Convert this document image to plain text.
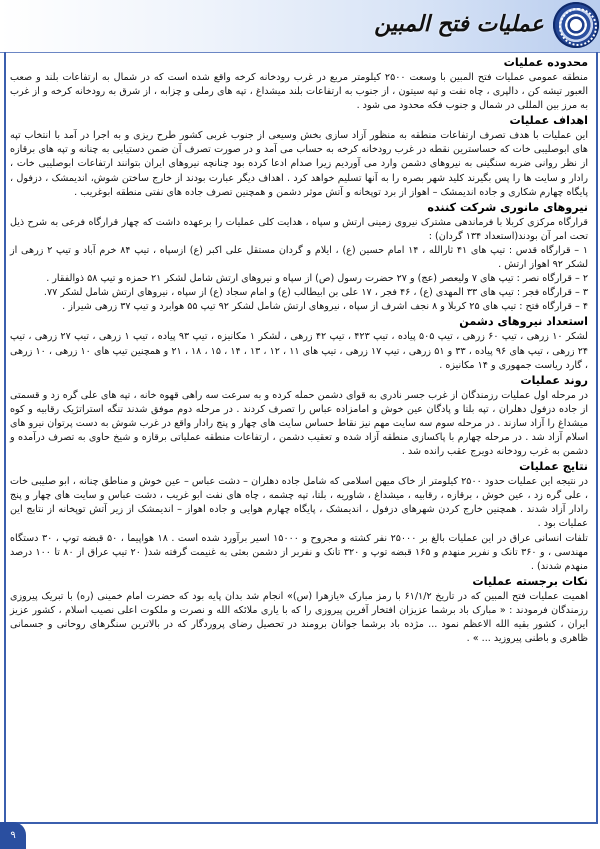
عملیات فتح المبین
محدوده عملیات

منطقه عمومی عملیات فتح المبین با وسعت ۲۵۰۰ کیلومتر مربع در غرب رودخانه کرخه واقع شده است که در شمال به ارتفاعات بلند و صعب العبور تیشه کن ، دالپری ، چاه نفت و تپه سیتون ، از جنوب به ارتفاعات بلند میشداغ ، تپه های رملی و چزابه ، از شرق به رودخانه کرخه و از غرب به مرز بین المللی در شمال و جنوب فکه محدود می شود .

اهداف عملیات

این عملیات با هدف تصرف ارتفاعات منطقه به منظور آزاد سازی بخش وسیعی از جنوب غربی کشور طرح ریزی و به اجرا در آمد با انتخاب تپه های ابوصلیبی خات که حساسترین نقطه در غرب رودخانه کرخه به حساب می آمد و در صورت تصرف آن ضمن دستیابی به چنانه و تپه های برقازه از نظر روانی ضربه سنگینی به نیروهای دشمن وارد می آوردیم زیرا صدام ادعا کرده بود چنانچه نیروهای ایران بتوانند ارتفاعات ابوصلیبی خات ، رادار و سایت ها را پس بگیرند کلید شهر بصره را به آنها تسلیم خواهد کرد . اهداف دیگر عبارت بودند از خارج ساختن شوش، اندیمشک ، دزفول ، پایگاه چهارم شکاری و جاده اندیمشک – اهواز از برد توپخانه و آتش موثر دشمن و همچنین تصرف جاده های نفتی منطقه ابوغریب .

نیروهای مانوری شرکت کننده

قرارگاه مرکزی کربلا با فرماندهی مشترک نیروی زمینی ارتش و سپاه ، هدایت کلی عملیات را برعهده داشت که چهار قرارگاه فرعی به شرح ذیل تحت امر آن بودند(استعداد ۱۳۴ گردان) :

۱ – قرارگاه قدس : تیپ های ۴۱ ثارالله ، ۱۴ امام حسین (ع) ، ایلام و گردان مستقل علی اکبر (ع) ازسپاه ، تیپ ۸۴ خرم آباد و تیپ ۲ زرهی از لشکر ۹۲ اهواز ارتش .

۲ – قرارگاه نصر : تیپ های ۷ ولیعصر (عج) و ۲۷ حضرت رسول (ص) از سپاه و نیروهای ارتش شامل لشکر ۲۱ حمزه و تیپ ۵۸ ذوالفقار .

۳ – قرارگاه فجر : تیپ های ۳۳ المهدی (ع) ، ۴۶ فجر ، ۱۷ علی بن ابیطالب (ع) و امام سجاد (ع) از سپاه ، نیروهای ارتش شامل لشکر ۷۷.

۴ – قرارگاه فتح : تیپ های ۲۵ کربلا و ۸ نجف اشرف از سپاه ، نیروهای ارتش شامل لشکر ۹۲ تیپ ۵۵ هوابرد و تیپ ۳۷ زرهی شیراز .

استعداد نیروهای دشمن

لشکر ۱۰ زرهی ، تیپ ۶۰ زرهی ، تیپ ۵۰۵ پیاده ، تیپ ۴۲۳ ، تیپ ۴۲ زرهی ، لشکر ۱ مکانیزه ، تیپ ۹۳ پیاده ، تیپ ۱ زرهی ، تیپ ۲۷ زرهی ، تیپ ۲۴ زرهی ، تیپ های ۹۶ پیاده ، ۳۳ و ۵۱ زرهی ، تیپ ۱۷ زرهی ، تیپ های ۱۱ ، ۱۲ ، ۱۳ ، ۱۴ ، ۱۵ ، ۱۸ ، ۲۱ و همچنین تیپ های ۱۰ زرهی ، ۱۰ زرهی ، گارد ریاست جمهوری و ۱۴ مکانیزه .

روند عملیات

در مرحله اول عملیات رزمندگان از غرب جسر نادری به قوای دشمن حمله کرده و به سرعت سه راهی قهوه خانه ، تپه های علی گره زد و قسمتی از جاده دزفول دهلران ، تپه بلتا و پادگان عین خوش و امامزاده عباس را تصرف کردند . در مرحله دوم موفق شدند تنگه استراتژیک رقابیه و کوه میشداغ را آزاد سازند . در مرحله سوم سه سایت مهم نیز نقاط حساس سایت های چهار و پنج رادار واقع در غرب شوش به دست پرتوان نیرو های اسلام آزاد شد . در مرحله چهارم با پاکسازی منطقه آزاد شده و تعقیب دشمن ، ارتفاعات منطقه عملیاتی برقازه و شیخ حاوی به تصرف درآمده و دشمن به غرب رودخانه دویرج عقب رانده شد .

نتایج عملیات

در نتیجه این عملیات حدود ۲۵۰۰ کیلومتر از خاک میهن اسلامی که شامل جاده دهلران – دشت عباس – عین خوش و مناطق چنانه ، ابو صلیبی خات ، علی گره زد ، عین خوش ، برقازه ، رقابیه ، میشداغ ، شاوریه ، بلتا، تپه چشمه ، چاه های نفت ابو غریب ، دشت عباس و سایت های چهار و پنج رادار آزاد شدند . همچنین خارج کردن شهرهای دزفول ، اندیمشک ، پایگاه چهارم هوایی و جاده اهواز – اندیمشک از زیر آتش توپخانه از نتایج این عملیات بود .

تلفات انسانی عراق در این عملیات بالغ بر ۲۵۰۰۰ نفر کشته و مجروح و ۱۵۰۰۰ اسیر برآورد شده است . ۱۸ هواپیما ، ۵۰ قبضه توپ ، ۳۰ دستگاه مهندسی ، و ۳۶۰ تانک و نفربر منهدم و ۱۶۵ قبضه توپ و ۳۲۰ تانک و نفربر از دشمن بعثی به غنیمت گرفته شد( ۲۰ تیپ عراق از ۸۰ تا ۱۰۰ درصد منهدم شدند) .

نکات برجسته عملیات

اهمیت عملیات فتح المبین که در تاریخ ۶۱/۱/۲ با رمز مبارک «یازهرا (س)» انجام شد بدان پایه بود که حضرت امام خمینی (ره) با تبریک پیروزی رزمندگان فرمودند : « مبارک باد برشما عزیزان افتخار آفرین پیروزی را که با یاری ملائکه الله و نصرت و ملکوت اعلی نصیب اسلام ، کشور عزیز ایران ، کشور بقیه الله الاعظم نمود ... مژده باد برشما جوانان برومند در تحصیل رضای پروردگار که در بالاترین سنگرهای روحانی و جسمانی ظاهری و باطنی پیروزید ... » .

۹
